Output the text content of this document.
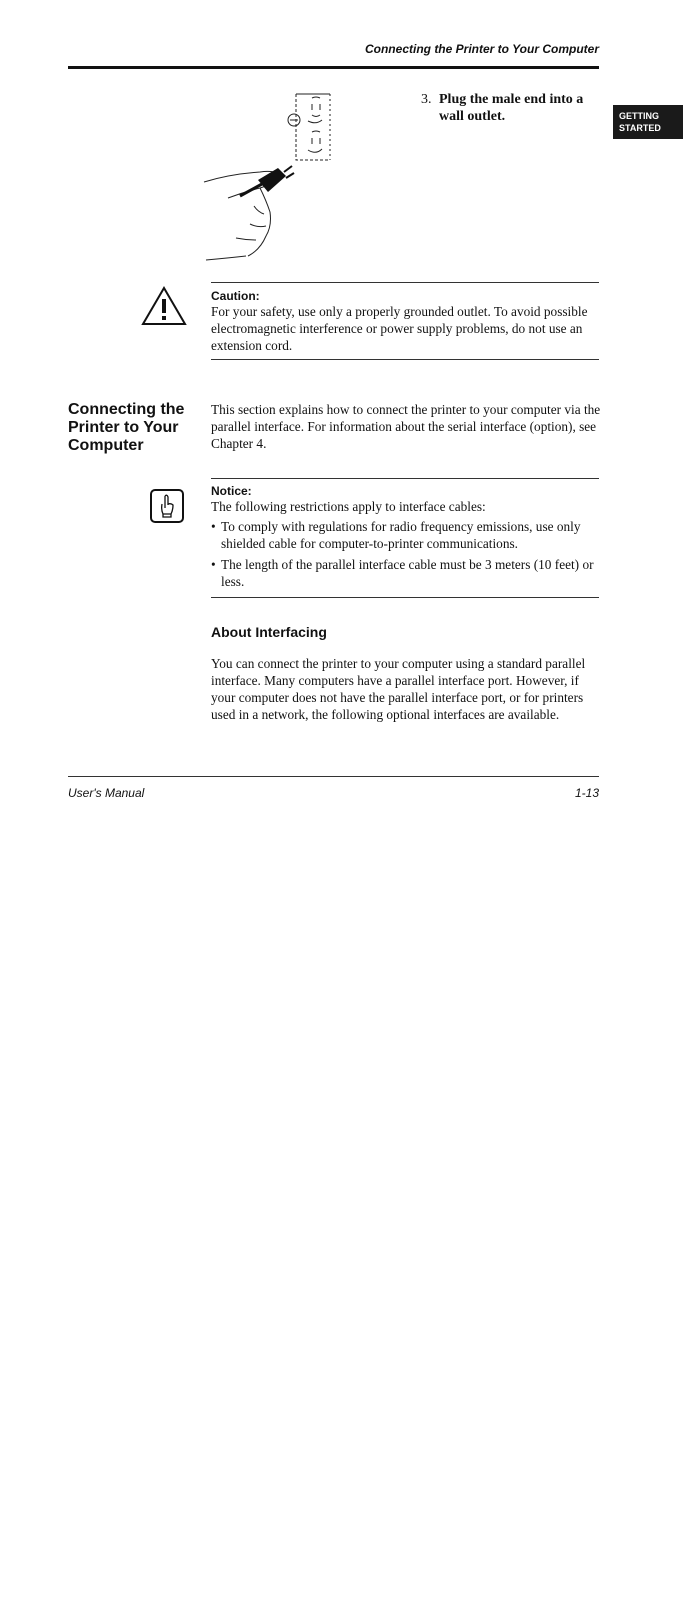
Connecting the Printer to Your Computer
GETTING
STARTED
3. Plug the male end into a wall outlet.
Caution:
For your safety, use only a properly grounded outlet. To avoid possible electromagnetic interference or power supply problems, do not use an extension cord.
Connecting the Printer to Your Computer
This section explains how to connect the printer to your computer via the parallel interface. For information about the serial interface (option), see Chapter 4.
Notice:
The following restrictions apply to interface cables:
• To comply with regulations for radio frequency emissions, use only shielded cable for computer-to-printer communications.
• The length of the parallel interface cable must be 3 meters (10 feet) or less.
About Interfacing
You can connect the printer to your computer using a standard parallel interface. Many computers have a parallel interface port. However, if your computer does not have the parallel interface port, or for printers used in a network, the following optional interfaces are available.
User's Manual	1-13
